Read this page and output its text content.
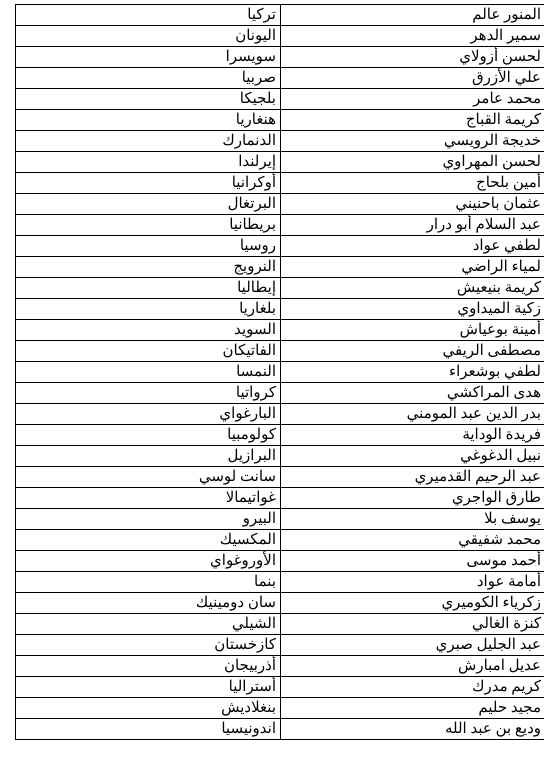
المنور عالم	تركيا
سمير الدهر	اليونان
لحسن أزولاي	سويسرا
علي الأزرق	صربيا
محمد عامر	بلجيكا
كريمة القباج	هنغاريا
خديجة الرويسي	الدنمارك
لحسن المهراوي	إيرلندا
أمين بلحاج	أوكرانيا
عثمان باحنيني	البرتغال
عبد السلام أبو درار	بريطانيا
لطفي عواد	روسيا
لمياء الراضي	النرويج
كريمة بنيعيش	إيطاليا
زكية الميداوي	بلغاريا
أمينة بوعياش	السويد
مصطفى الريفي	الفاتيكان
لطفي بوشعراء	النمسا
هدى المراكشي	كرواتيا
بدر الدين عبد المومني	البارغواي
فريدة الوداية	كولومبيا
نبيل الدغوغي	البرازيل
عبد الرحيم القدميري	سانت لوسي
طارق الواجري	غواتيمالا
يوسف بلا	البيرو
محمد شفيقي	المكسيك
أحمد موسى	الأوروغواي
أمامة عواد	بنما
زكرياء الكوميري	سان دومينيك
كنزة الغالي	الشيلي
عبد الجليل صبري	كازخستان
عديل امبارش	أذربيجان
كريم مدرك	أستراليا
مجيد حليم	بنغلاديش
وديع بن عبد الله	اندونيسيا
